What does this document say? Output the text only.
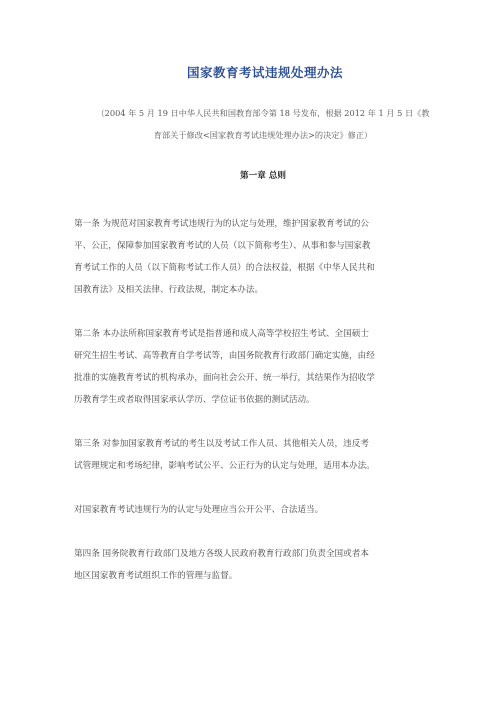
国家教育考试违规处理办法

（2004 年 5 月 19 日中华人民共和国教育部令第 18 号发布，根据 2012 年 1 月 5 日《教
育部关于修改<国家教育考试违规处理办法>的决定》修正）

第一章 总则

第一条 为规范对国家教育考试违规行为的认定与处理，维护国家教育考试的公
平、公正，保障参加国家教育考试的人员（以下简称考生）、从事和参与国家教
育考试工作的人员（以下简称考试工作人员）的合法权益，根据《中华人民共和
国教育法》及相关法律、行政法规，制定本办法。

第二条 本办法所称国家教育考试是指普通和成人高等学校招生考试、全国硕士
研究生招生考试、高等教育自学考试等，由国务院教育行政部门确定实施，由经
批准的实施教育考试的机构承办，面向社会公开、统一举行，其结果作为招收学
历教育学生或者取得国家承认学历、学位证书依据的测试活动。

第三条 对参加国家教育考试的考生以及考试工作人员、其他相关人员，违反考
试管理规定和考场纪律，影响考试公平、公正行为的认定与处理，适用本办法。

对国家教育考试违规行为的认定与处理应当公开公平、合法适当。

第四条 国务院教育行政部门及地方各级人民政府教育行政部门负责全国或者本
地区国家教育考试组织工作的管理与监督。
